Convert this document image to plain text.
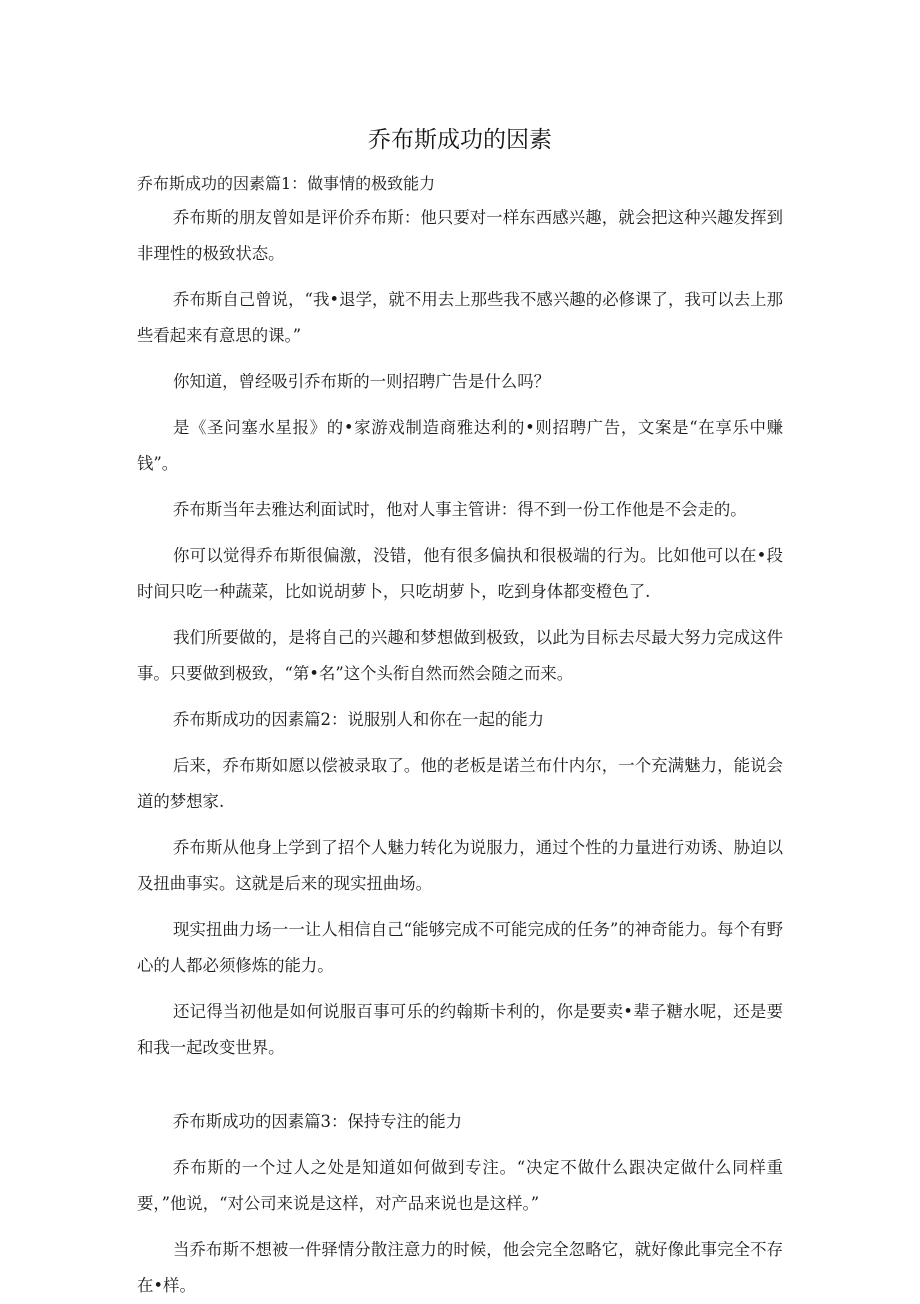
乔布斯成功的因素

乔布斯成功的因素篇1：做事情的极致能力

乔布斯的朋友曾如是评价乔布斯：他只要对一样东西感兴趣，就会把这种兴趣发挥到非理性的极致状态。

乔布斯自己曾说，“我•退学，就不用去上那些我不感兴趣的必修课了，我可以去上那些看起来有意思的课。”

你知道，曾经吸引乔布斯的一则招聘广告是什么吗？

是《圣问塞水星报》的•家游戏制造商雅达利的•则招聘广告，文案是“在享乐中赚钱”。

乔布斯当年去雅达利面试时，他对人事主管讲：得不到一份工作他是不会走的。

你可以觉得乔布斯很偏激，没错，他有很多偏执和很极端的行为。比如他可以在•段时间只吃一种蔬菜，比如说胡萝卜，只吃胡萝卜，吃到身体都变橙色了.

我们所要做的，是将自己的兴趣和梦想做到极致，以此为目标去尽最大努力完成这件事。只要做到极致，“第•名”这个头衔自然而然会随之而来。

乔布斯成功的因素篇2：说服别人和你在一起的能力

后来，乔布斯如愿以偿被录取了。他的老板是诺兰布什内尔，一个充满魅力，能说会道的梦想家.

乔布斯从他身上学到了招个人魅力转化为说服力，通过个性的力量进行劝诱、胁迫以及扭曲事实。这就是后来的现实扭曲场。

现实扭曲力场一一让人相信自己“能够完成不可能完成的任务”的神奇能力。每个有野心的人都必须修炼的能力。

还记得当初他是如何说服百事可乐的约翰斯卡利的，你是要卖•辈子糖水呢，还是要和我一起改变世界。

乔布斯成功的因素篇3：保持专注的能力

乔布斯的一个过人之处是知道如何做到专注。“决定不做什么跟决定做什么同样重要，”他说，“对公司来说是这样，对产品来说也是这样。”

当乔布斯不想被一件驿情分散注意力的时候，他会完全忽略它，就好像此事完全不存在•样。
